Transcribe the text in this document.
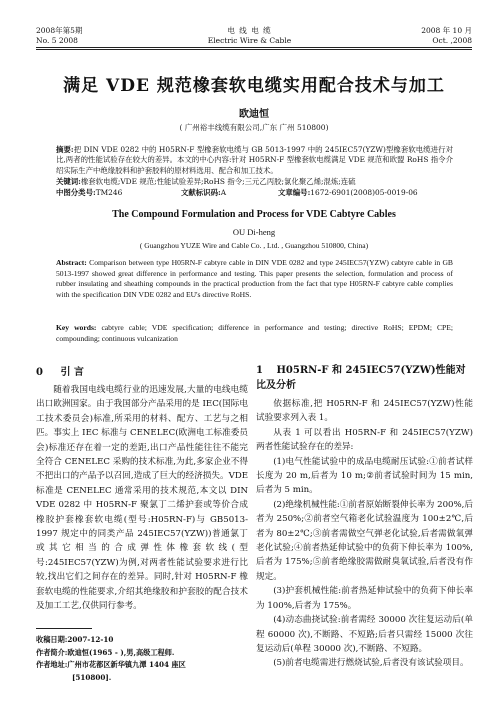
2008年第5期
No. 5 2008
电 线 电 缆
Electric Wire & Cable
2008 年 10 月
Oct. ,2008
满足 VDE 规范橡套软电缆实用配合技术与加工
欧迪恒
( 广州裕丰线缆有限公司,广东 广州 510800)
摘要:把 DIN VDE 0282 中的 H05RN-F 型橡套软电缆与 GB 5013-1997 中的 245IEC57(YZW)型橡套软电缆进行对比,两者的性能试验存在较大的差异。本文的中心内容:针对 H05RN-F 型橡套软电缆满足 VDE 规范和欧盟 RoHS 指令介绍实际生产中绝缘胶料和护套胶料的原材料选用、配合和加工技术。
关键词:橡套软电缆;VDE 规范;性能试验差异;RoHS 指令;三元乙丙胶;氯化聚乙烯;混炼;连硫
中图分类号:TM246	文献标识码:A	文章编号:1672-6901(2008)05-0019-06
The Compound Formulation and Process for VDE Cabtyre Cables
OU Di-heng
( Guangzhou YUZE Wire and Cable Co. , Ltd. , Guangzhou 510800, China)
Abstract: Comparison between type H05RN-F cabtyre cable in DIN VDE 0282 and type 245IEC57(YZW) cabtyre cable in GB 5013-1997 showed great difference in performance and testing. This paper presents the selection, formulation and process of rubber insulating and sheathing compounds in the practical production from the fact that type H05RN-F cabtyre cable complies with the specification DIN VDE 0282 and EU's directive RoHS.
Key words: cabtyre cable; VDE specification; difference in performance and testing; directive RoHS; EPDM; CPE; compounding; continuous vulcanization
0 引 言

随着我国电线电缆行业的迅速发展,大量的电线电缆出口欧洲国家。由于我国部分产品采用的是 IEC(国际电工技术委员会)标准,所采用的材料、配方、工艺与之相匹。事实上 IEC 标准与 CENELEC(欧洲电工标准委员会)标准还存在着一定的差距,出口产品性能往往不能完全符合 CENELEC 采购的技术标准,为此,多家企业不得不把出口的产品予以召回,造成了巨大的经济损失。VDE 标准是 CENELEC 通常采用的技术规范,本文以 DIN VDE 0282 中 H05RN-F 聚氯丁二烯护套或等价合成橡胶护套橡套软电缆(型号:H05RN-F)与 GB5013-1997 规定中的同类产品 245IEC57(YZW))普通氯丁或其它相当的合成弹性体橡套软线(型号:245IEC57(YZW)为例,对两者性能试验要求进行比较,找出它们之间存在的差异。同时,针对 H05RN-F 橡套软电缆的性能要求,介绍其绝缘胶和护套胶的配合技术及加工工艺,仅供同行参考。

收稿日期:2007-12-10
作者简介:欧迪恒(1965 - ),男,高级工程师.
作者地址:广州市花都区新华镇九潭 1404 座区
[510800].
1 H05RN-F 和 245IEC57(YZW)性能对比及分析

依据标准,把 H05RN-F 和 245IEC57(YZW)性能试验要求列入表 1。

从表 1 可以看出 H05RN-F 和 245IEC57(YZW)两者性能试验存在的差异:

(1)电气性能试验中的成品电缆耐压试验:①前者试样长度为 20 m,后者为 10 m;②前者试验时间为 15 min,后者为 5 min。

(2)绝缘机械性能:①前者原始断裂伸长率为 200%,后者为 250%;②前者空气箱老化试验温度为 100±2℃,后者为 80±2℃;③前者需做空气弹老化试验,后者需做氧弹老化试验;④前者热延伸试验中的负荷下伸长率为 100%,后者为 175%;⑤前者绝缘胶需做耐臭氧试验,后者没有作规定。

(3)护套机械性能:前者热延伸试验中的负荷下伸长率为 100%,后者为 175%。

(4)动态曲挠试验:前者需经 30000 次往复运动后(单程 60000 次),不断路、不短路;后者只需经 15000 次往复运动后(单程 30000 次),不断路、不短路。

(5)前者电缆需进行燃烧试验,后者没有该试验项目。
